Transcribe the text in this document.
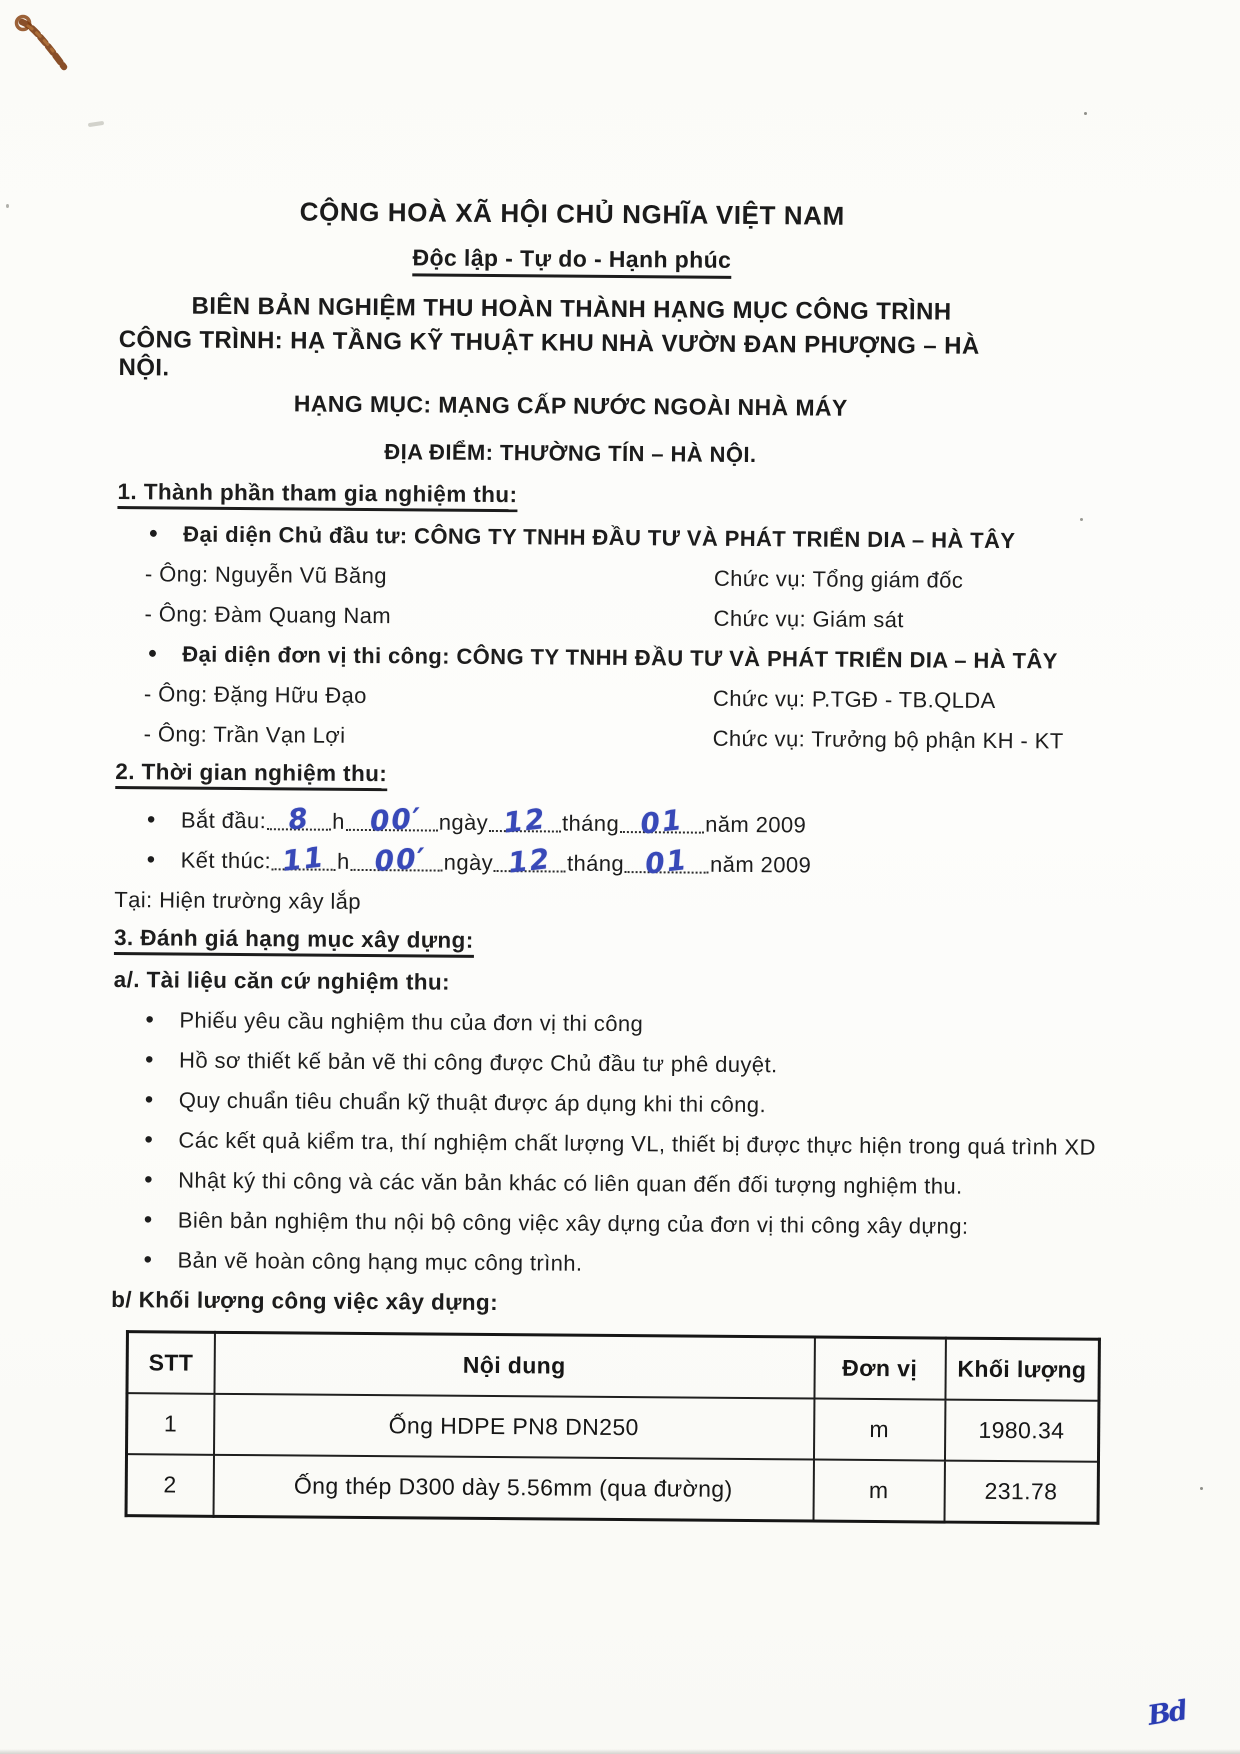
CỘNG HOÀ XÃ HỘI CHỦ NGHĨA VIỆT NAM
Độc lập - Tự do - Hạnh phúc
BIÊN BẢN NGHIỆM THU HOÀN THÀNH HẠNG MỤC CÔNG TRÌNH
CÔNG TRÌNH: HẠ TẦNG KỸ THUẬT KHU NHÀ VƯỜN ĐAN PHƯỢNG – HÀ NỘI.
HẠNG MỤC: MẠNG CẤP NƯỚC NGOÀI NHÀ MÁY
ĐỊA ĐIỂM: THƯỜNG TÍN – HÀ NỘI.
1. Thành phần tham gia nghiệm thu:
•
Đại diện Chủ đầu tư: CÔNG TY TNHH ĐẦU TƯ VÀ PHÁT TRIỂN DIA – HÀ TÂY
- Ông: Nguyễn Vũ Băng	Chức vụ: Tổng giám đốc
- Ông: Đàm Quang Nam	Chức vụ: Giám sát
•
Đại diện đơn vị thi công: CÔNG TY TNHH ĐẦU TƯ VÀ PHÁT TRIỂN DIA – HÀ TÂY
- Ông: Đặng Hữu Đạo	Chức vụ: P.TGĐ - TB.QLDA
- Ông: Trần Vạn Lợi	Chức vụ: Trưởng bộ phận KH - KT
2. Thời gian nghiệm thu:
•
Bắt đầu: 8 h 00′ ngày 12 tháng 01 năm 2009
•
Kết thúc: 11 h 00′ ngày 12 tháng 01 năm 2009
Tại: Hiện trường xây lắp
3. Đánh giá hạng mục xây dựng:
a/. Tài liệu căn cứ nghiệm thu:
•
Phiếu yêu cầu nghiệm thu của đơn vị thi công
•
Hồ sơ thiết kế bản vẽ thi công được Chủ đầu tư phê duyệt.
•
Quy chuẩn tiêu chuẩn kỹ thuật được áp dụng khi thi công.
•
Các kết quả kiểm tra, thí nghiệm chất lượng VL, thiết bị được thực hiện trong quá trình XD
•
Nhật ký thi công và các văn bản khác có liên quan đến đối tượng nghiệm thu.
•
Biên bản nghiệm thu nội bộ công việc xây dựng của đơn vị thi công xây dựng:
•
Bản vẽ hoàn công hạng mục công trình.
b/ Khối lượng công việc xây dựng:
STT	Nội dung	Đơn vị	Khối lượng
1	Ống HDPE PN8 DN250	m	1980.34
2	Ống thép D300 dày 5.56mm (qua đường)	m	231.78
Bd
